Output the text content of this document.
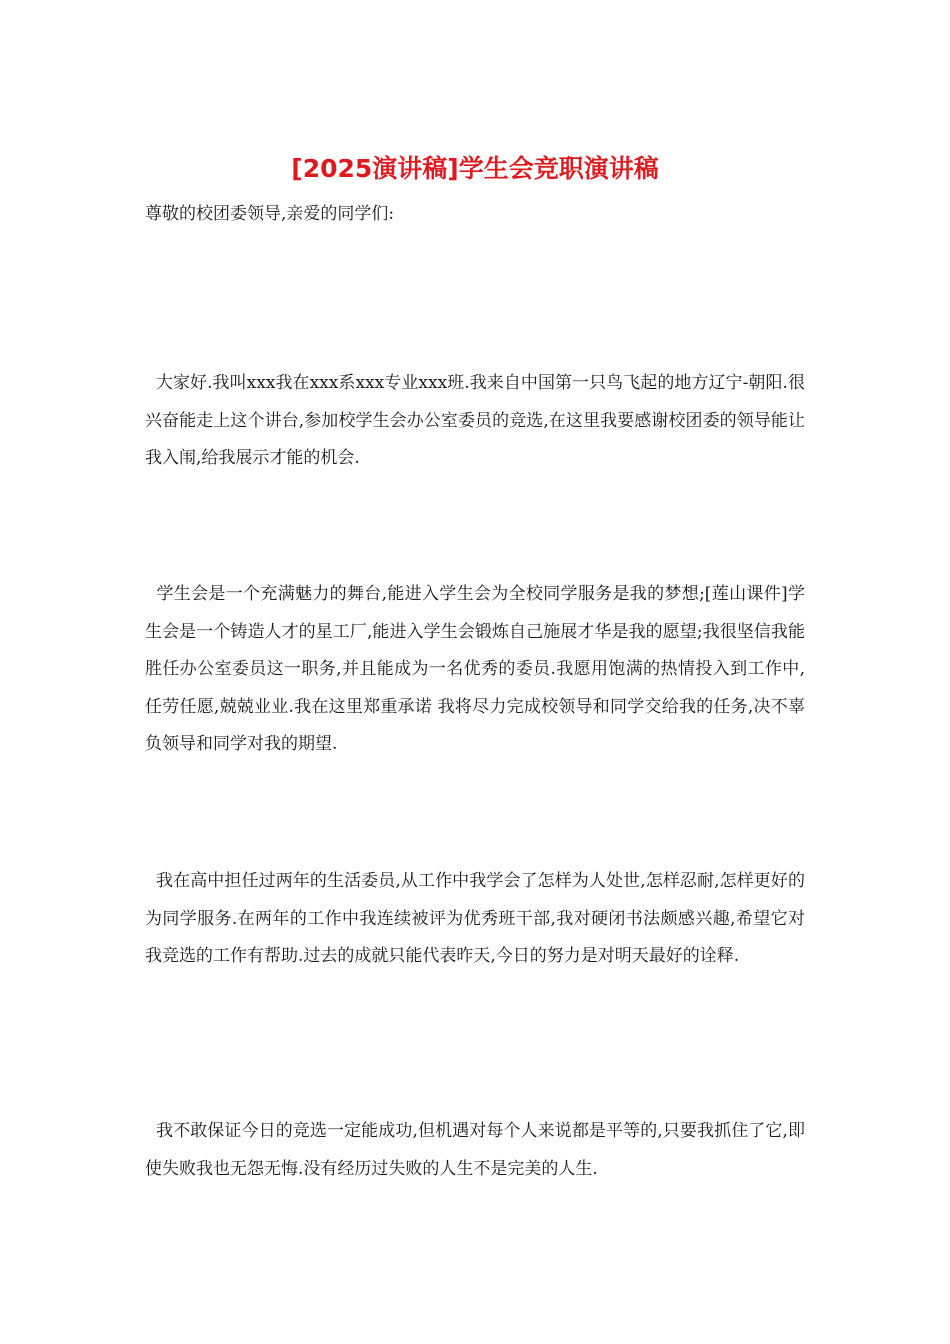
[2025演讲稿]学生会竞职演讲稿

尊敬的校团委领导,亲爱的同学们:

大家好.我叫xxx我在xxx系xxx专业xxx班.我来自中国第一只鸟飞起的地方辽宁-朝阳.很兴奋能走上这个讲台,参加校学生会办公室委员的竞选,在这里我要感谢校团委的领导能让我入闱,给我展示才能的机会.

学生会是一个充满魅力的舞台,能进入学生会为全校同学服务是我的梦想;[莲山课件]学生会是一个铸造人才的星工厂,能进入学生会锻炼自己施展才华是我的愿望;我很坚信我能胜任办公室委员这一职务,并且能成为一名优秀的委员.我愿用饱满的热情投入到工作中,任劳任愿,兢兢业业.我在这里郑重承诺 我将尽力完成校领导和同学交给我的任务,决不辜负领导和同学对我的期望.

我在高中担任过两年的生活委员,从工作中我学会了怎样为人处世,怎样忍耐,怎样更好的为同学服务.在两年的工作中我连续被评为优秀班干部,我对硬闭书法颇感兴趣,希望它对我竞选的工作有帮助.过去的成就只能代表昨天,今日的努力是对明天最好的诠释.

我不敢保证今日的竞选一定能成功,但机遇对每个人来说都是平等的,只要我抓住了它,即使失败我也无怨无悔.没有经历过失败的人生不是完美的人生.
